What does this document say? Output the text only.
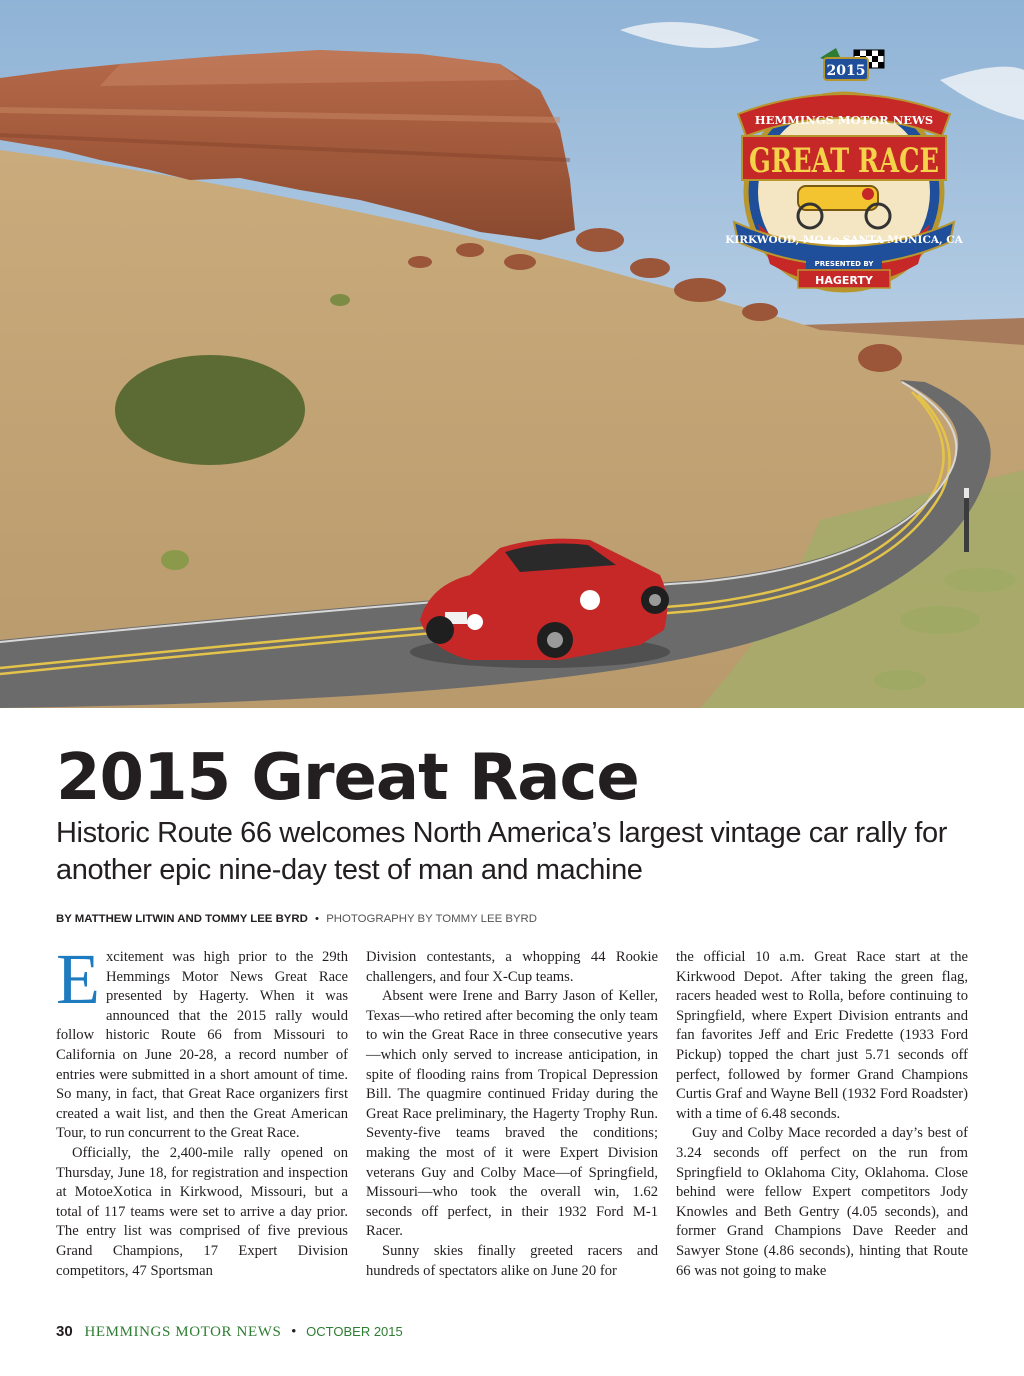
2015
HEMMINGS MOTOR NEWS
GREAT RACE
KIRKWOOD, MO to SANTA MONICA, CA
PRESENTED BY
HAGERTY
2015 Great Race
Historic Route 66 welcomes North America’s largest vintage car rally for another epic nine-day test of man and machine
BY MATTHEW LITWIN AND TOMMY LEE BYRD • PHOTOGRAPHY BY TOMMY LEE BYRD

Excitement was high prior to the 29th Hemmings Motor News Great Race presented by Hagerty. When it was announced that the 2015 rally would follow historic Route 66 from Missouri to California on June 20-28, a record number of entries were submitted in a short amount of time. So many, in fact, that Great Race organizers first created a wait list, and then the Great American Tour, to run concurrent to the Great Race.

Officially, the 2,400-mile rally opened on Thursday, June 18, for registration and inspection at MotoeXotica in Kirkwood, Missouri, but a total of 117 teams were set to arrive a day prior. The entry list was comprised of five previous Grand Champions, 17 Expert Division competitors, 47 Sportsman

Division contestants, a whopping 44 Rookie challengers, and four X-Cup teams.

Absent were Irene and Barry Jason of Keller, Texas—who retired after becoming the only team to win the Great Race in three consecutive years—which only served to increase anticipation, in spite of flooding rains from Tropical Depression Bill. The quagmire continued Friday during the Great Race preliminary, the Hagerty Trophy Run. Seventy-five teams braved the conditions; making the most of it were Expert Division veterans Guy and Colby Mace—of Springfield, Missouri—who took the overall win, 1.62 seconds off perfect, in their 1932 Ford M-1 Racer.

Sunny skies finally greeted racers and hundreds of spectators alike on June 20 for

the official 10 a.m. Great Race start at the Kirkwood Depot. After taking the green flag, racers headed west to Rolla, before continuing to Springfield, where Expert Division entrants and fan favorites Jeff and Eric Fredette (1933 Ford Pickup) topped the chart just 5.71 seconds off perfect, followed by former Grand Champions Curtis Graf and Wayne Bell (1932 Ford Roadster) with a time of 6.48 seconds.

Guy and Colby Mace recorded a day’s best of 3.24 seconds off perfect on the run from Springfield to Oklahoma City, Oklahoma. Close behind were fellow Expert competitors Jody Knowles and Beth Gentry (4.05 seconds), and former Grand Champions Dave Reeder and Sawyer Stone (4.86 seconds), hinting that Route 66 was not going to make

30 HEMMINGS MOTOR NEWS • OCTOBER 2015
